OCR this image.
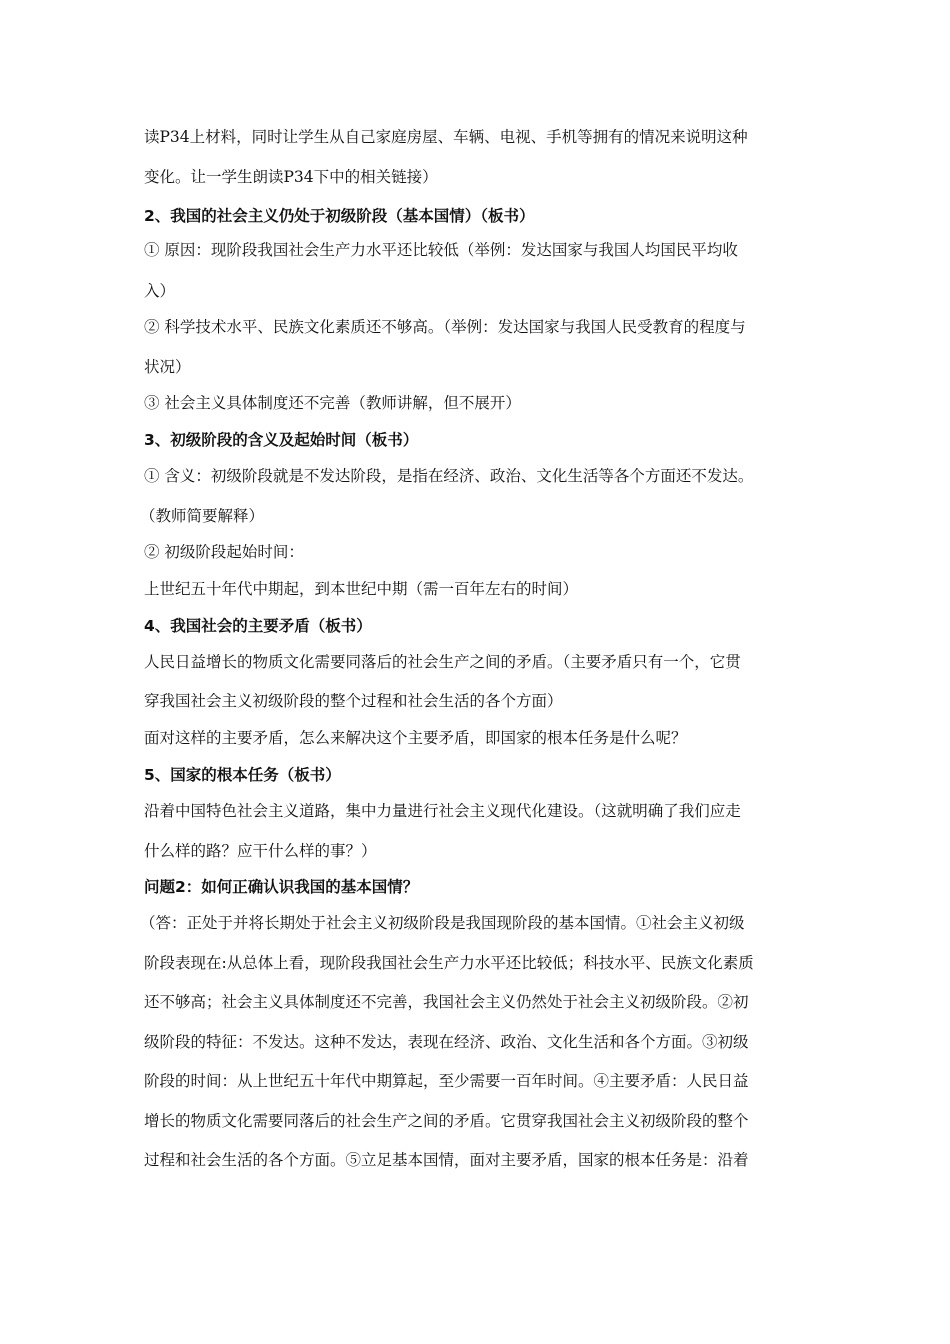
读P34上材料，同时让学生从自己家庭房屋、车辆、电视、手机等拥有的情况来说明这种
变化。让一学生朗读P34下中的相关链接）
2、我国的社会主义仍处于初级阶段（基本国情）（板书）
① 原因：现阶段我国社会生产力水平还比较低（举例：发达国家与我国人均国民平均收
入）
② 科学技术水平、民族文化素质还不够高。（举例：发达国家与我国人民受教育的程度与
状况）
③ 社会主义具体制度还不完善（教师讲解，但不展开）
3、初级阶段的含义及起始时间（板书）
① 含义：初级阶段就是不发达阶段，是指在经济、政治、文化生活等各个方面还不发达。
（教师简要解释）
② 初级阶段起始时间：
上世纪五十年代中期起，到本世纪中期（需一百年左右的时间）
4、我国社会的主要矛盾（板书）
人民日益增长的物质文化需要同落后的社会生产之间的矛盾。（主要矛盾只有一个，它贯
穿我国社会主义初级阶段的整个过程和社会生活的各个方面）
面对这样的主要矛盾，怎么来解决这个主要矛盾，即国家的根本任务是什么呢？
5、国家的根本任务（板书）
沿着中国特色社会主义道路，集中力量进行社会主义现代化建设。（这就明确了我们应走
什么样的路？应干什么样的事？）
问题2：如何正确认识我国的基本国情？
（答：正处于并将长期处于社会主义初级阶段是我国现阶段的基本国情。①社会主义初级
阶段表现在:从总体上看，现阶段我国社会生产力水平还比较低；科技水平、民族文化素质
还不够高；社会主义具体制度还不完善，我国社会主义仍然处于社会主义初级阶段。②初
级阶段的特征：不发达。这种不发达，表现在经济、政治、文化生活和各个方面。③初级
阶段的时间：从上世纪五十年代中期算起，至少需要一百年时间。④主要矛盾：人民日益
增长的物质文化需要同落后的社会生产之间的矛盾。它贯穿我国社会主义初级阶段的整个
过程和社会生活的各个方面。⑤立足基本国情，面对主要矛盾，国家的根本任务是：沿着
